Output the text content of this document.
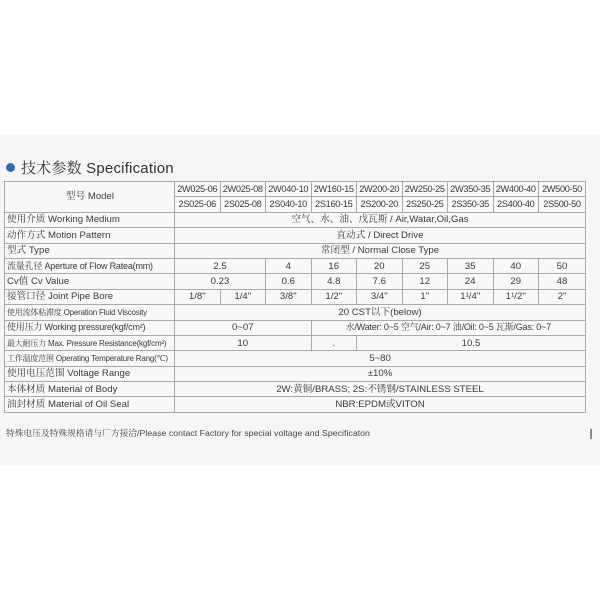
技术参数 Specification
型号 Model	2W025-06	2W025-08	2W040-10	2W160-15	2W200-20	2W250-25	2W350-35	2W400-40	2W500-50
	2S025-06	2S025-08	2S040-10	2S160-15	2S200-20	2S250-25	2S350-35	2S400-40	2S500-50
使用介质 Working Medium	空气、水、油、戊瓦斯 / Air,Watar,Oil,Gas								
动作方式 Motion Pattern	直动式 / Direct Drive								
型式 Type	常闭型 / Normal Close Type								
流量孔径 Aperture of Flow Ratea(mm)	2.5		4	16	20	25	35	40	50
Cv值 Cv Value	0.23		0.6	4.8	7.6	12	24	29	48
接管口径 Joint Pipe Bore	1/8"	1/4"	3/8"	1/2"	3/4"	1"	1¹/4"	1¹/2"	2"
使用流体粘滞度 Operation Fluid Viscosity	20 CST以下(below)								
使用压力 Working pressure(kgf/cm²)	0~07			水/Water: 0~5 空气/Air: 0~7 油/Oil: 0~5 瓦斯/Gas: 0~7					
最大耐压力 Max. Pressure Resistance(kgf/cm²)	10			.	10.5				
工作温度范围 Operating Temperature Rang(℃)	5~80								
使用电压范围 Voltage Range	±10%								
本体材质 Material of Body	2W:黄铜/BRASS; 2S:不锈钢/STAINLESS STEEL								
油封材质 Material of Oil Seal	NBR:EPDM或VITON								
特殊电压及特殊规格请与厂方接洽/Please contact Factory for special voltage and Specificaton
